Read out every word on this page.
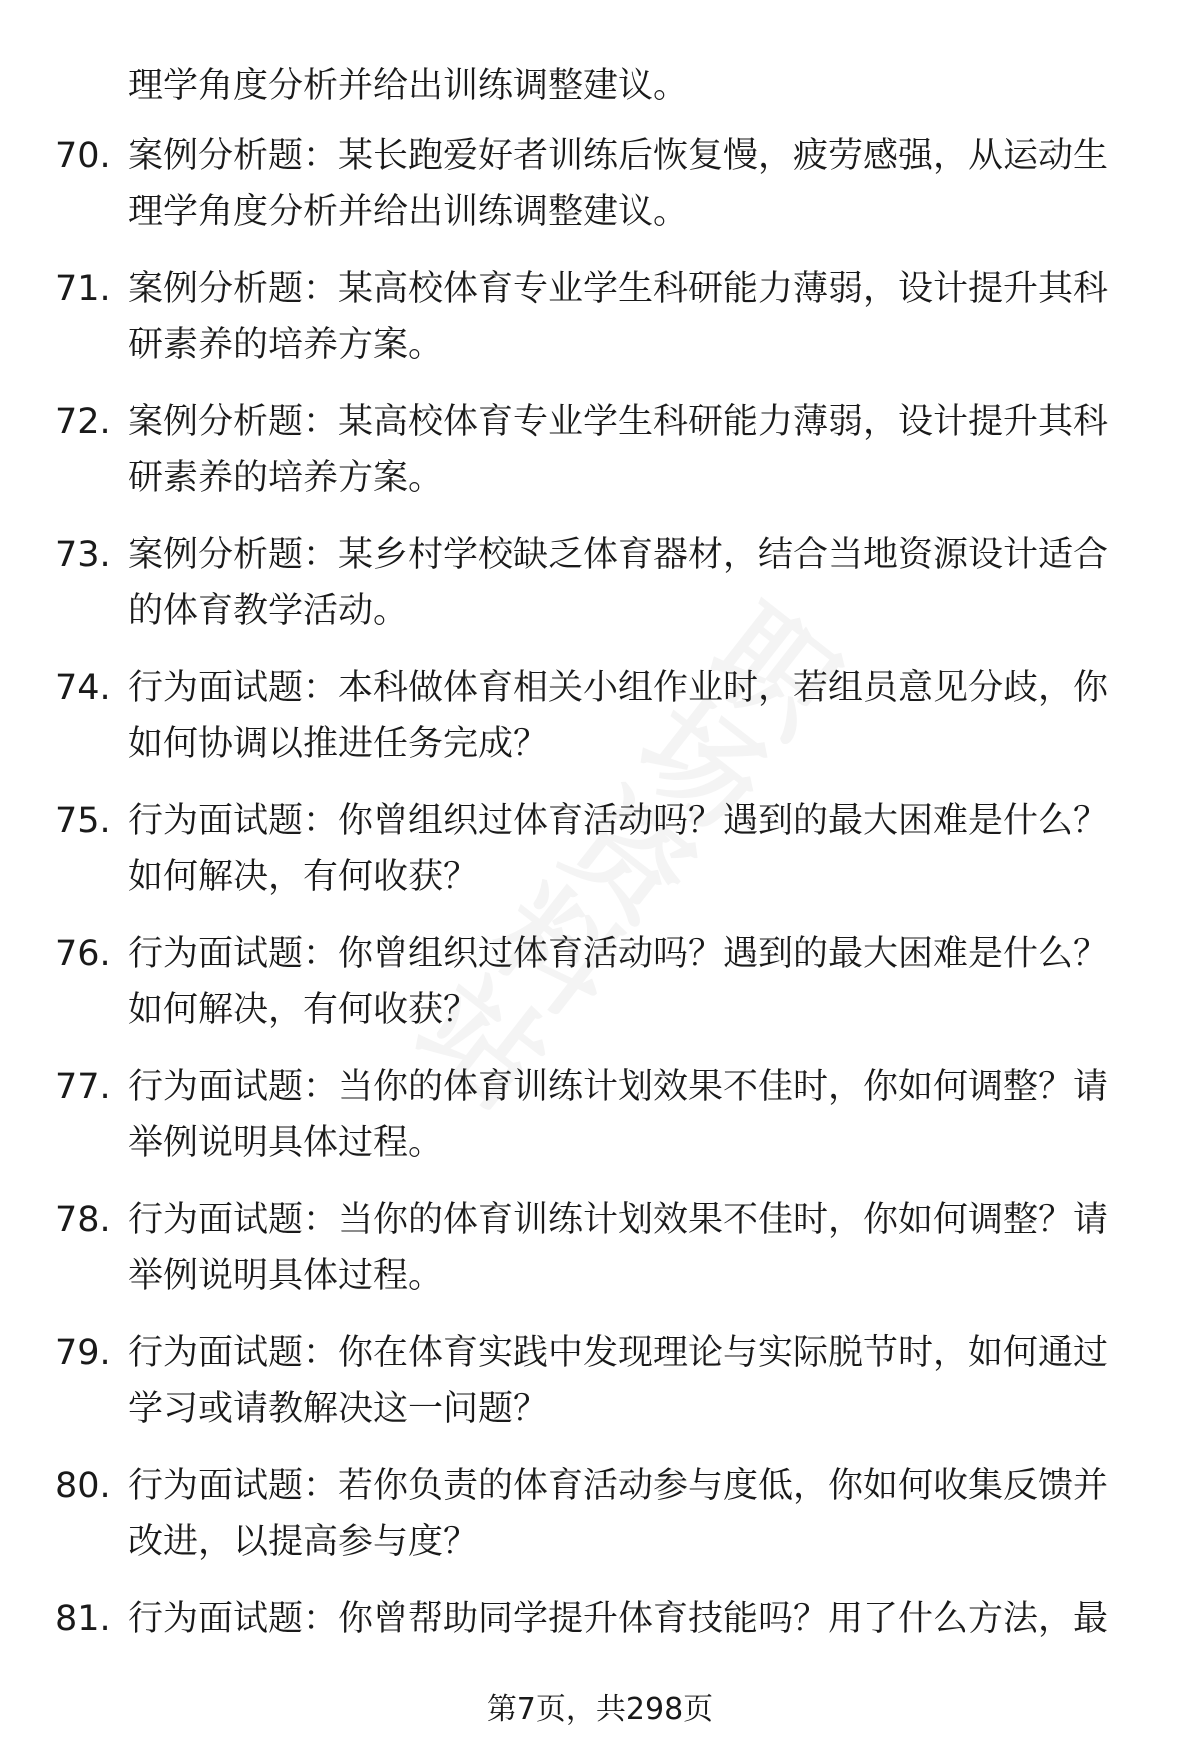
理学角度分析并给出训练调整建议。
70. 案例分析题：某长跑爱好者训练后恢复慢，疲劳感强，从运动生
理学角度分析并给出训练调整建议。
71. 案例分析题：某高校体育专业学生科研能力薄弱，设计提升其科
研素养的培养方案。
72. 案例分析题：某高校体育专业学生科研能力薄弱，设计提升其科
研素养的培养方案。
73. 案例分析题：某乡村学校缺乏体育器材，结合当地资源设计适合
的体育教学活动。
74. 行为面试题：本科做体育相关小组作业时，若组员意见分歧，你
如何协调以推进任务完成？
75. 行为面试题：你曾组织过体育活动吗？遇到的最大困难是什么？
如何解决，有何收获？
76. 行为面试题：你曾组织过体育活动吗？遇到的最大困难是什么？
如何解决，有何收获？
77. 行为面试题：当你的体育训练计划效果不佳时，你如何调整？请
举例说明具体过程。
78. 行为面试题：当你的体育训练计划效果不佳时，你如何调整？请
举例说明具体过程。
79. 行为面试题：你在体育实践中发现理论与实际脱节时，如何通过
学习或请教解决这一问题？
80. 行为面试题：若你负责的体育活动参与度低，你如何收集反馈并
改进，以提高参与度？
81. 行为面试题：你曾帮助同学提升体育技能吗？用了什么方法，最
第7页，共298页
